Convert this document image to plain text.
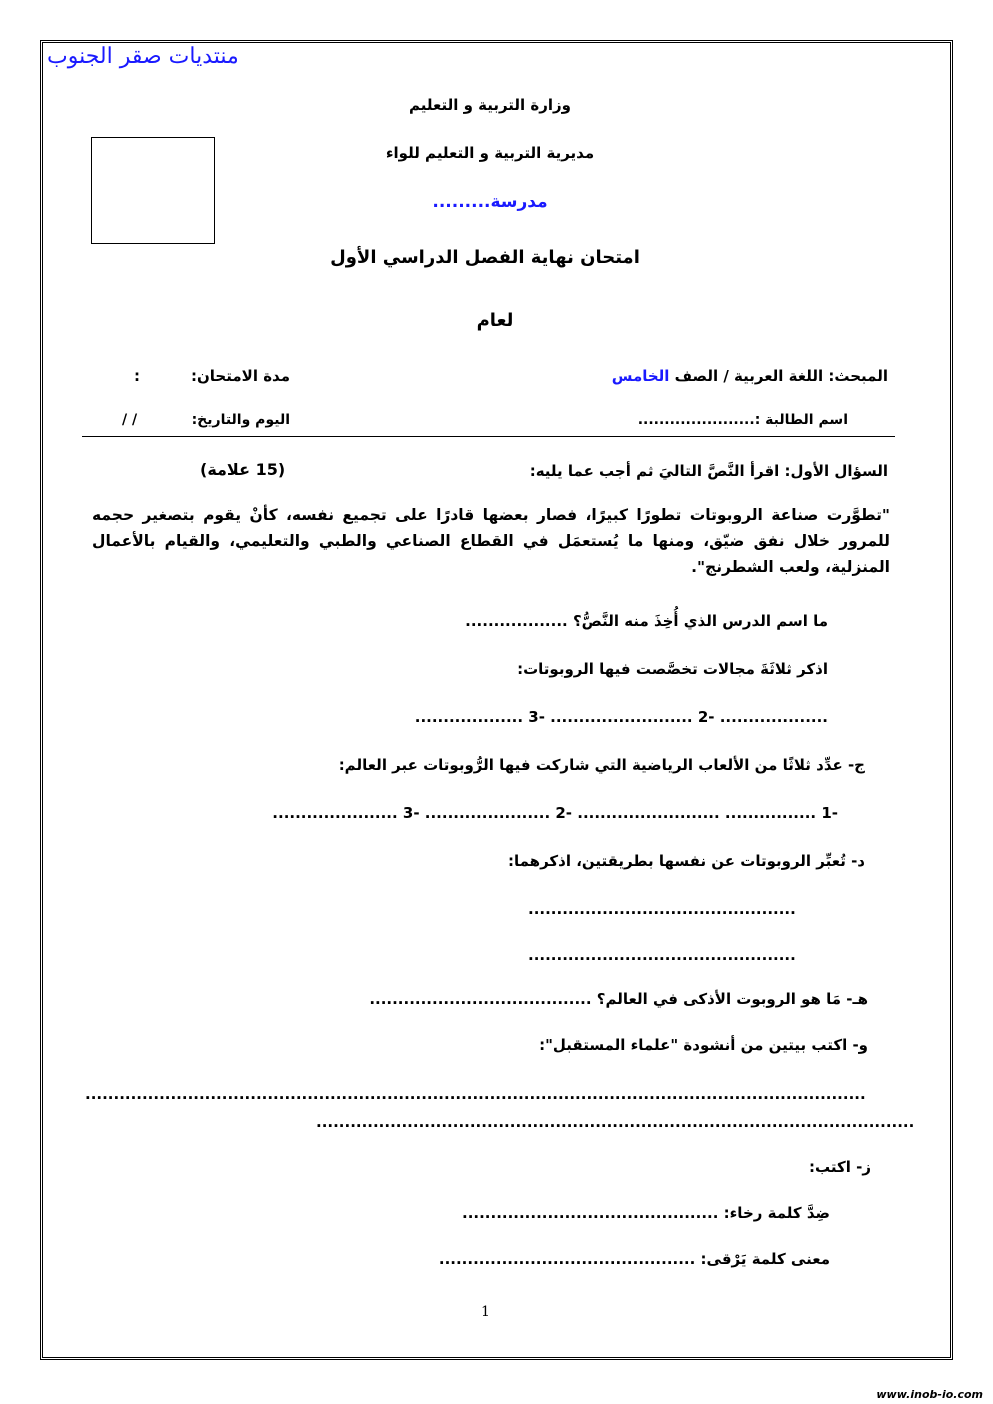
منتديات صقر الجنوب
وزارة التربية و التعليم
مديرية التربية و التعليم للواء
مدرسة.........
امتحان نهاية الفصل الدراسي الأول
لعام
المبحث: اللغة العربية / الصف الخامس
مدة الامتحان:
:
اسم الطالبة :......................
اليوم والتاريخ:
/ /
السؤال الأول: اقرأ النَّصَّ التاليَ ثم أجب عما يليه:
(15 علامة)
"تطوَّرت صناعة الروبوتات تطورًا كبيرًا، فصار بعضها قادرًا على تجميع نفسه، كأنْ يقوم بتصغير حجمه للمرور خلال نفق ضيّق، ومنها ما يُستعمَل في القطاع الصناعي والطبي والتعليمي، والقيام بالأعمال المنزلية، ولعب الشطرنج".
ما اسم الدرس الذي أُخِذَ منه النَّصُّ؟ ..................
اذكر ثلاثَةَ مجالات تخصَّصت فيها الروبوتات:
................... -2 ......................... -3 ...................
ج- عدِّد ثلاثًا من الألعاب الرياضية التي شاركت فيها الرُّوبوتات عبر العالم:
-1 ................ ......................... -2 ...................... -3 ......................
د- تُعبِّر الروبوتات عن نفسها بطريقتين، اذكرهما:
...............................................
...............................................
هـ- مَا هو الروبوت الأذكى في العالم؟ .......................................
و- اكتب بيتين من أنشودة "علماء المستقبل":
.........................................................................................................................................
.........................................................................................................
ز- اكتب:
ضِدَّ كلمة رخاء: .............................................
معنى كلمة يَرْقى: .............................................
1
www.inob-io.com
